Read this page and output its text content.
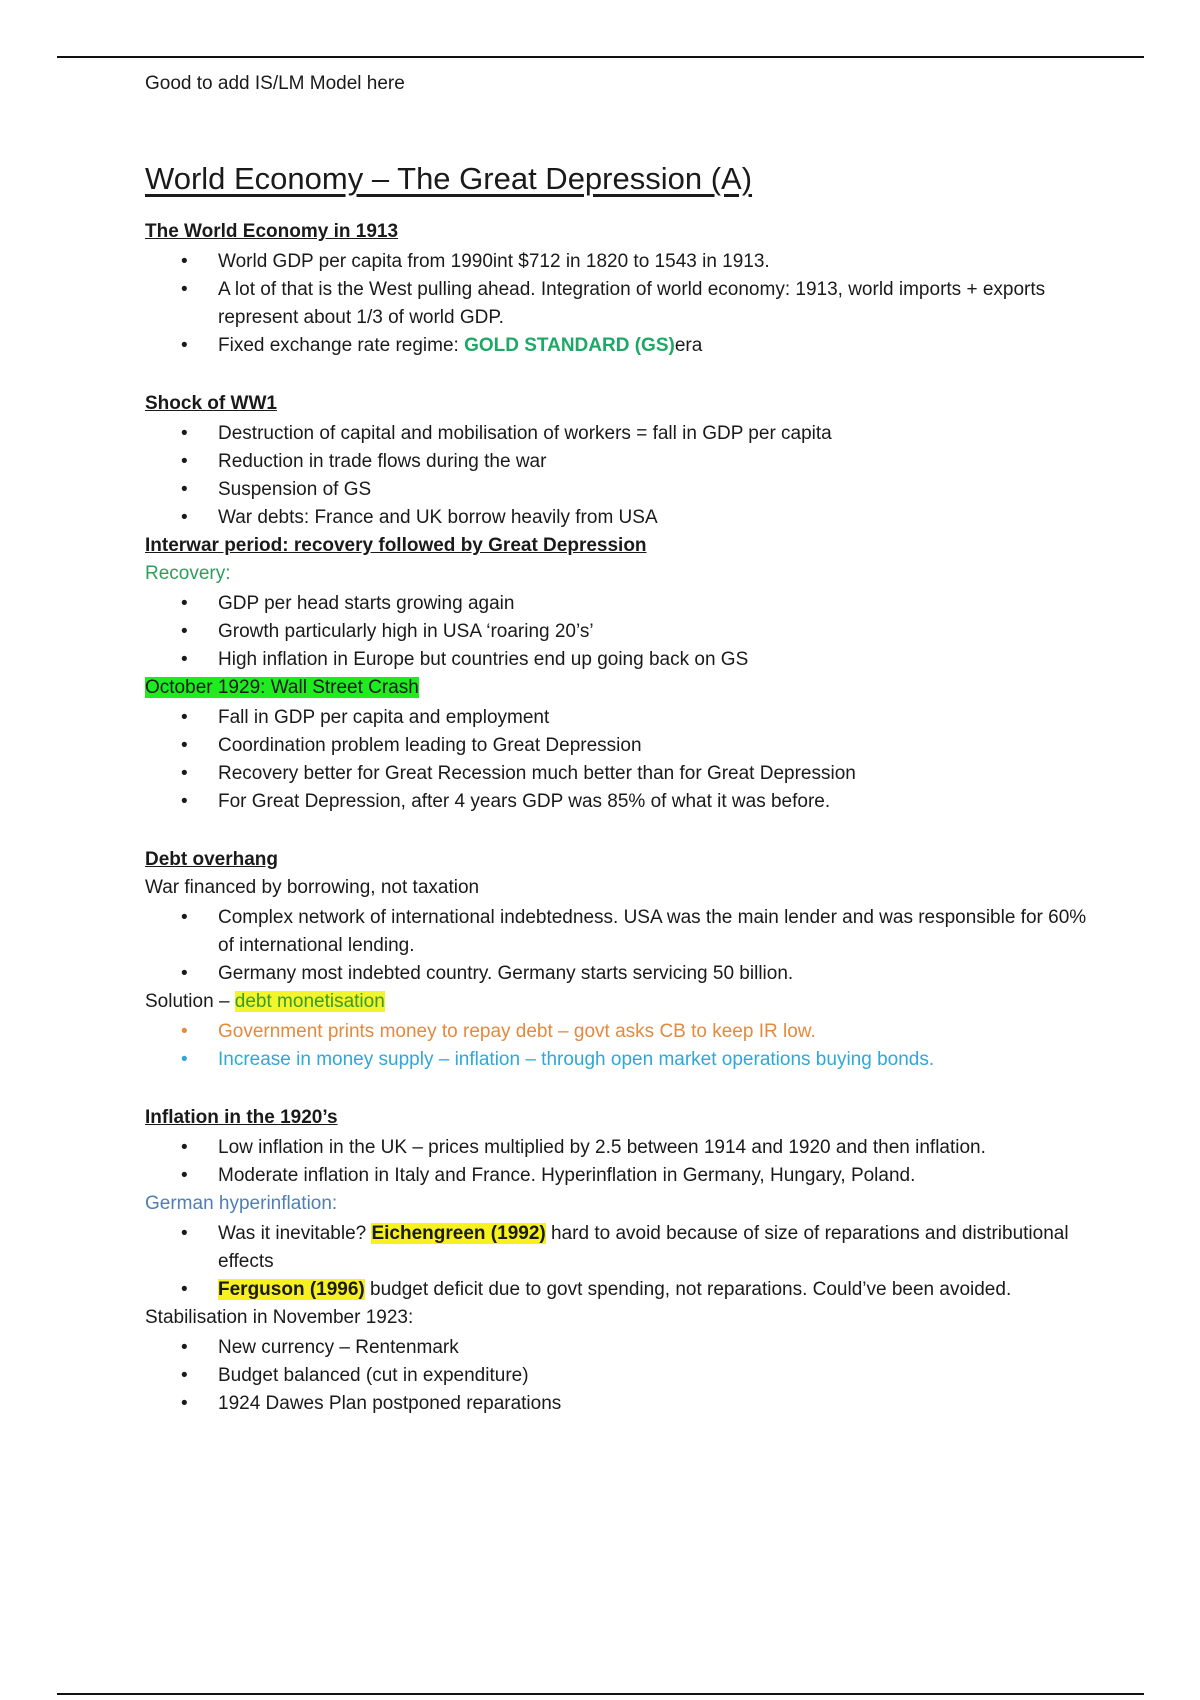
Good to add IS/LM Model here

World Economy – The Great Depression (A)

The World Economy in 1913

• World GDP per capita from 1990int $712 in 1820 to 1543 in 1913.
• A lot of that is the West pulling ahead. Integration of world economy: 1913, world imports + exports represent about 1/3 of world GDP.
• Fixed exchange rate regime: GOLD STANDARD (GS)era

Shock of WW1

• Destruction of capital and mobilisation of workers = fall in GDP per capita
• Reduction in trade flows during the war
• Suspension of GS
• War debts: France and UK borrow heavily from USA

Interwar period: recovery followed by Great Depression

Recovery:

• GDP per head starts growing again
• Growth particularly high in USA ‘roaring 20’s’
• High inflation in Europe but countries end up going back on GS

October 1929: Wall Street Crash

• Fall in GDP per capita and employment
• Coordination problem leading to Great Depression
• Recovery better for Great Recession much better than for Great Depression
• For Great Depression, after 4 years GDP was 85% of what it was before.

Debt overhang

War financed by borrowing, not taxation

• Complex network of international indebtedness. USA was the main lender and was responsible for 60% of international lending.
• Germany most indebted country. Germany starts servicing 50 billion.

Solution – debt monetisation

• Government prints money to repay debt – govt asks CB to keep IR low.
• Increase in money supply – inflation – through open market operations buying bonds.

Inflation in the 1920’s

• Low inflation in the UK – prices multiplied by 2.5 between 1914 and 1920 and then inflation.
• Moderate inflation in Italy and France. Hyperinflation in Germany, Hungary, Poland.

German hyperinflation:

• Was it inevitable? Eichengreen (1992) hard to avoid because of size of reparations and distributional effects
• Ferguson (1996) budget deficit due to govt spending, not reparations. Could’ve been avoided.

Stabilisation in November 1923:

• New currency – Rentenmark
• Budget balanced (cut in expenditure)
• 1924 Dawes Plan postponed reparations
